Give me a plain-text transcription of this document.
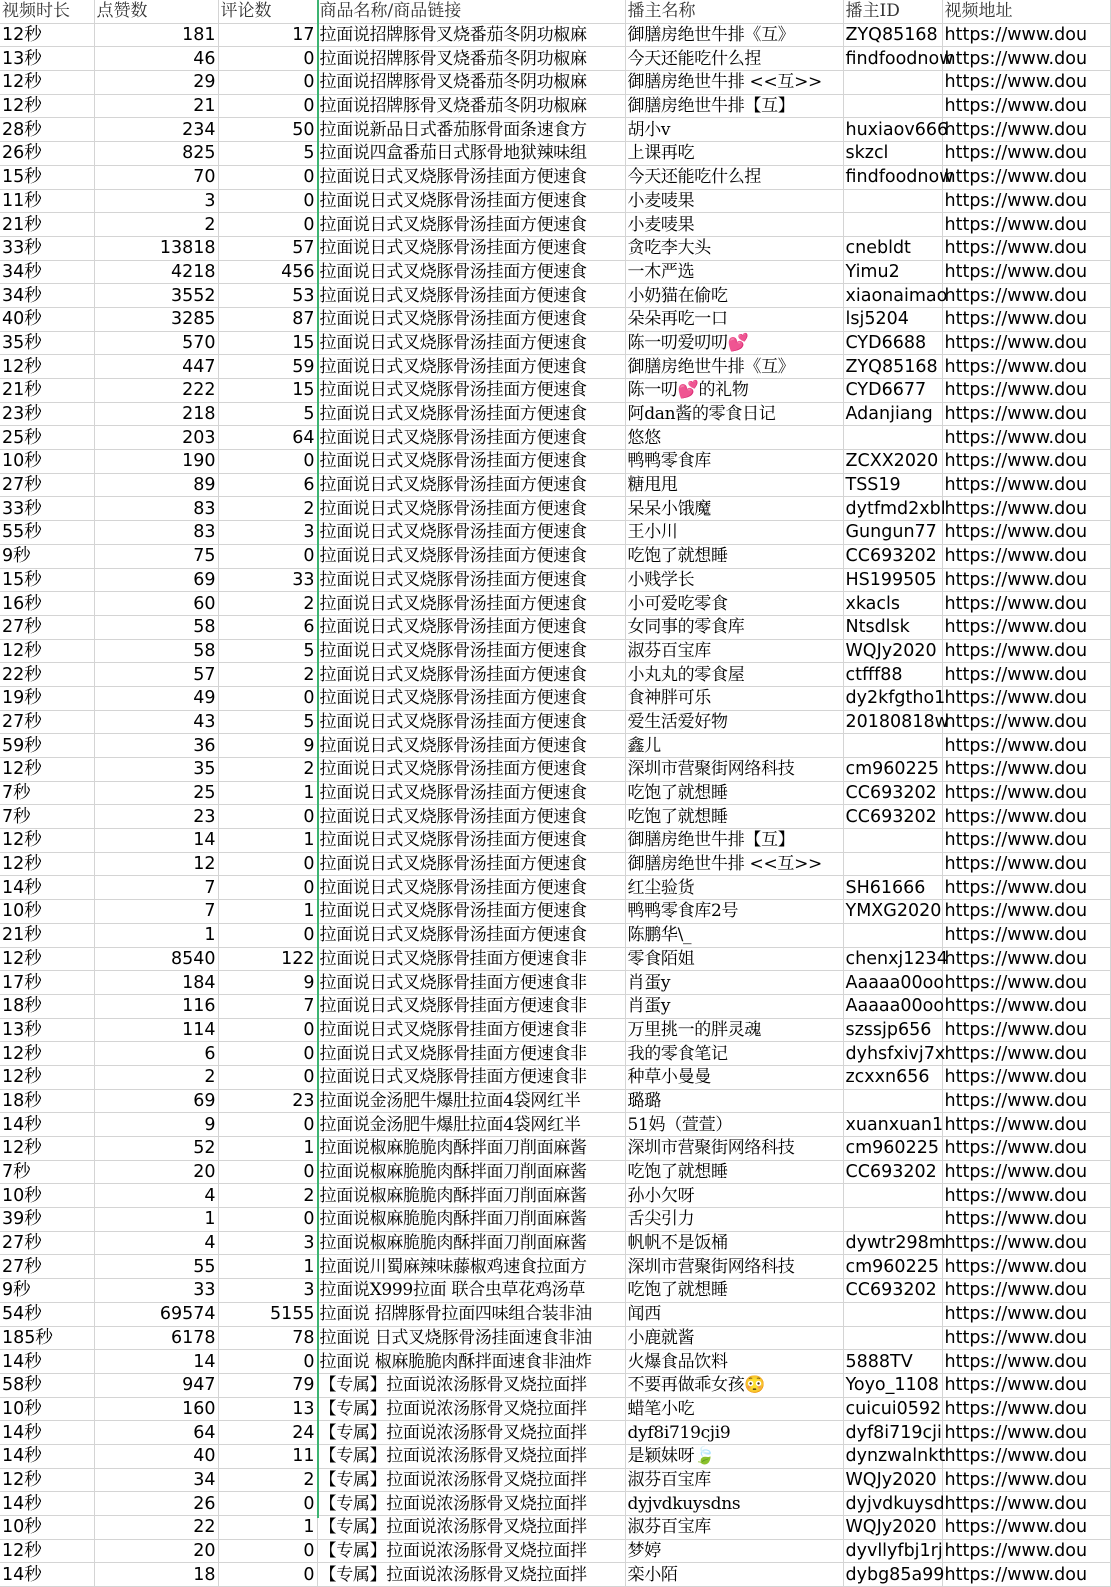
视频时长	点赞数	评论数	商品名称/商品链接	播主名称	播主ID	视频地址
12秒	181	17	拉面说招牌豚骨叉烧番茄冬阴功椒麻	御膳房绝世牛排《互》	ZYQ85168	https://www.dou
13秒	46	0	拉面说招牌豚骨叉烧番茄冬阴功椒麻	今天还能吃什么捏	findfoodnow	https://www.dou
12秒	29	0	拉面说招牌豚骨叉烧番茄冬阴功椒麻	御膳房绝世牛排 <<互>>		https://www.dou
12秒	21	0	拉面说招牌豚骨叉烧番茄冬阴功椒麻	御膳房绝世牛排【互】		https://www.dou
28秒	234	50	拉面说新品日式番茄豚骨面条速食方	胡小v	huxiaov666	https://www.dou
26秒	825	5	拉面说四盒番茄日式豚骨地狱辣味组	上课再吃	skzcl	https://www.dou
15秒	70	0	拉面说日式叉烧豚骨汤挂面方便速食	今天还能吃什么捏	findfoodnow	https://www.dou
11秒	3	0	拉面说日式叉烧豚骨汤挂面方便速食	小麦唛果		https://www.dou
21秒	2	0	拉面说日式叉烧豚骨汤挂面方便速食	小麦唛果		https://www.dou
33秒	13818	57	拉面说日式叉烧豚骨汤挂面方便速食	贪吃李大头	cnebldt	https://www.dou
34秒	4218	456	拉面说日式叉烧豚骨汤挂面方便速食	一木严选	Yimu2	https://www.dou
34秒	3552	53	拉面说日式叉烧豚骨汤挂面方便速食	小奶猫在偷吃	xiaonaimao	https://www.dou
40秒	3285	87	拉面说日式叉烧豚骨汤挂面方便速食	朵朵再吃一口	lsj5204	https://www.dou
35秒	570	15	拉面说日式叉烧豚骨汤挂面方便速食	陈一叨爱叨叨💕	CYD6688	https://www.dou
12秒	447	59	拉面说日式叉烧豚骨汤挂面方便速食	御膳房绝世牛排《互》	ZYQ85168	https://www.dou
21秒	222	15	拉面说日式叉烧豚骨汤挂面方便速食	陈一叨💕的礼物	CYD6677	https://www.dou
23秒	218	5	拉面说日式叉烧豚骨汤挂面方便速食	阿dan酱的零食日记	Adanjiang	https://www.dou
25秒	203	64	拉面说日式叉烧豚骨汤挂面方便速食	悠悠		https://www.dou
10秒	190	0	拉面说日式叉烧豚骨汤挂面方便速食	鸭鸭零食库	ZCXX2020	https://www.dou
27秒	89	6	拉面说日式叉烧豚骨汤挂面方便速食	糖甩甩	TSS19	https://www.dou
33秒	83	2	拉面说日式叉烧豚骨汤挂面方便速食	呆呆小饿魔	dytfmd2xbl	https://www.dou
55秒	83	3	拉面说日式叉烧豚骨汤挂面方便速食	王小川	Gungun77	https://www.dou
9秒	75	0	拉面说日式叉烧豚骨汤挂面方便速食	吃饱了就想睡	CC693202	https://www.dou
15秒	69	33	拉面说日式叉烧豚骨汤挂面方便速食	小贱学长	HS199505	https://www.dou
16秒	60	2	拉面说日式叉烧豚骨汤挂面方便速食	小可爱吃零食	xkacls	https://www.dou
27秒	58	6	拉面说日式叉烧豚骨汤挂面方便速食	女同事的零食库	Ntsdlsk	https://www.dou
12秒	58	5	拉面说日式叉烧豚骨汤挂面方便速食	淑芬百宝库	WQJy2020	https://www.dou
22秒	57	2	拉面说日式叉烧豚骨汤挂面方便速食	小丸丸的零食屋	ctfff88	https://www.dou
19秒	49	0	拉面说日式叉烧豚骨汤挂面方便速食	食神胖可乐	dy2kfgtho1	https://www.dou
27秒	43	5	拉面说日式叉烧豚骨汤挂面方便速食	爱生活爱好物	20180818w	https://www.dou
59秒	36	9	拉面说日式叉烧豚骨汤挂面方便速食	鑫儿		https://www.dou
12秒	35	2	拉面说日式叉烧豚骨汤挂面方便速食	深圳市营聚街网络科技	cm960225	https://www.dou
7秒	25	1	拉面说日式叉烧豚骨汤挂面方便速食	吃饱了就想睡	CC693202	https://www.dou
7秒	23	0	拉面说日式叉烧豚骨汤挂面方便速食	吃饱了就想睡	CC693202	https://www.dou
12秒	14	1	拉面说日式叉烧豚骨汤挂面方便速食	御膳房绝世牛排【互】		https://www.dou
12秒	12	0	拉面说日式叉烧豚骨汤挂面方便速食	御膳房绝世牛排 <<互>>		https://www.dou
14秒	7	0	拉面说日式叉烧豚骨汤挂面方便速食	红尘验货	SH61666	https://www.dou
10秒	7	1	拉面说日式叉烧豚骨汤挂面方便速食	鸭鸭零食库2号	YMXG2020	https://www.dou
21秒	1	0	拉面说日式叉烧豚骨汤挂面方便速食	陈鹏华\_		https://www.dou
12秒	8540	122	拉面说日式叉烧豚骨挂面方便速食非	零食陌姐	chenxj1234	https://www.dou
17秒	184	9	拉面说日式叉烧豚骨挂面方便速食非	肖蛋y	Aaaaa00oo	https://www.dou
18秒	116	7	拉面说日式叉烧豚骨挂面方便速食非	肖蛋y	Aaaaa00oo	https://www.dou
13秒	114	0	拉面说日式叉烧豚骨挂面方便速食非	万里挑一的胖灵魂	szssjp656	https://www.dou
12秒	6	0	拉面说日式叉烧豚骨挂面方便速食非	我的零食笔记	dyhsfxivj7x	https://www.dou
12秒	2	0	拉面说日式叉烧豚骨挂面方便速食非	种草小曼曼	zcxxn656	https://www.dou
18秒	69	23	拉面说金汤肥牛爆肚拉面4袋网红半	璐璐		https://www.dou
14秒	9	0	拉面说金汤肥牛爆肚拉面4袋网红半	51妈（萱萱）	xuanxuan1	https://www.dou
12秒	52	1	拉面说椒麻脆脆肉酥拌面刀削面麻酱	深圳市营聚街网络科技	cm960225	https://www.dou
7秒	20	0	拉面说椒麻脆脆肉酥拌面刀削面麻酱	吃饱了就想睡	CC693202	https://www.dou
10秒	4	2	拉面说椒麻脆脆肉酥拌面刀削面麻酱	孙小欠呀		https://www.dou
39秒	1	0	拉面说椒麻脆脆肉酥拌面刀削面麻酱	舌尖引力		https://www.dou
27秒	4	3	拉面说椒麻脆脆肉酥拌面刀削面麻酱	帆帆不是饭桶	dywtr298m	https://www.dou
27秒	55	1	拉面说川蜀麻辣味藤椒鸡速食拉面方	深圳市营聚街网络科技	cm960225	https://www.dou
9秒	33	3	拉面说X999拉面 联合虫草花鸡汤草	吃饱了就想睡	CC693202	https://www.dou
54秒	69574	5155	拉面说 招牌豚骨拉面四味组合装非油	闻西		https://www.dou
185秒	6178	78	拉面说 日式叉烧豚骨汤挂面速食非油	小鹿就酱		https://www.dou
14秒	14	0	拉面说 椒麻脆脆肉酥拌面速食非油炸	火爆食品饮料	5888TV	https://www.dou
58秒	947	79	【专属】拉面说浓汤豚骨叉烧拉面拌	不要再做乖女孩😳	Yoyo_1108	https://www.dou
10秒	160	13	【专属】拉面说浓汤豚骨叉烧拉面拌	蜡笔小吃	cuicui0592	https://www.dou
14秒	64	24	【专属】拉面说浓汤豚骨叉烧拉面拌	dyf8i719cji9	dyf8i719cji	https://www.dou
14秒	40	11	【专属】拉面说浓汤豚骨叉烧拉面拌	是颖妹呀🍃	dynzwalnkt	https://www.dou
12秒	34	2	【专属】拉面说浓汤豚骨叉烧拉面拌	淑芬百宝库	WQJy2020	https://www.dou
14秒	26	0	【专属】拉面说浓汤豚骨叉烧拉面拌	dyjvdkuysdns	dyjvdkuysd	https://www.dou
10秒	22	1	【专属】拉面说浓汤豚骨叉烧拉面拌	淑芬百宝库	WQJy2020	https://www.dou
12秒	20	0	【专属】拉面说浓汤豚骨叉烧拉面拌	梦婷	dyvllyfbj1rj	https://www.dou
14秒	18	0	【专属】拉面说浓汤豚骨叉烧拉面拌	栾小陌	dybg85a99	https://www.dou
